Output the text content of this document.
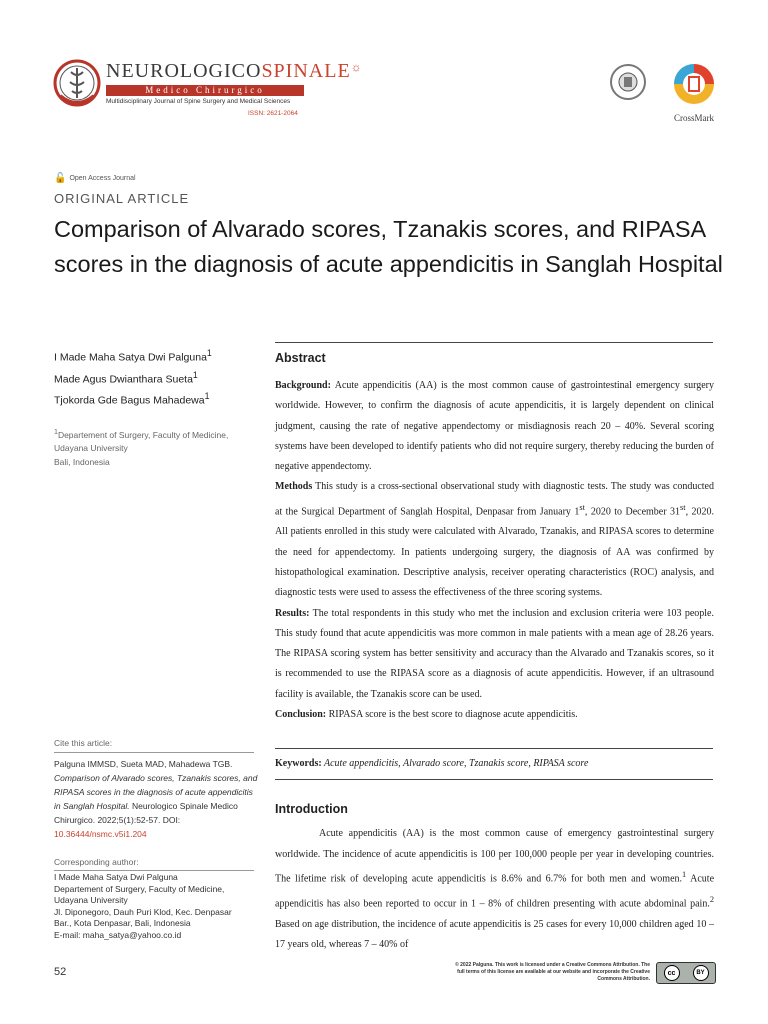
NEUROLOGICOSPINALE☼
Medico Chirurgico
Multidisciplinary Journal of Spine Surgery and Medical Sciences
ISSN: 2621-2064	CrossMark
🔓 Open Access Journal
ORIGINAL ARTICLE
Comparison of Alvarado scores, Tzanakis scores, and RIPASA scores in the diagnosis of acute appendicitis in Sanglah Hospital
I Made Maha Satya Dwi Palguna$^1$
Made Agus Dwianthara Sueta$^1$
Tjokorda Gde Bagus Mahadewa$^1$
$^1$Departement of Surgery, Faculty of Medicine,
Udayana University
Bali, Indonesia
Cite this article:
Palguna IMMSD, Sueta MAD, Mahadewa TGB. Comparison of Alvarado scores, Tzanakis scores, and RIPASA scores in the diagnosis of acute appendicitis in Sanglah Hospital. Neurologico Spinale Medico Chirurgico. 2022;5(1):52-57. DOI: 10.36444/nsmc.v5i1.204
Corresponding author:
I Made Maha Satya Dwi Palguna
Departement of Surgery, Faculty of Medicine,
Udayana University
Jl. Diponegoro, Dauh Puri Klod, Kec. Denpasar
Bar., Kota Denpasar, Bali, Indonesia
E-mail: maha_satya@yahoo.co.id
Abstract

Background: Acute appendicitis (AA) is the most common cause of gastrointestinal emergency surgery worldwide. However, to confirm the diagnosis of acute appendicitis, it is largely dependent on clinical judgment, causing the rate of negative appendectomy or misdiagnosis reach 20 – 40%. Several scoring systems have been developed to identify patients who did not require surgery, thereby reducing the burden of negative appendectomy.

Methods This study is a cross-sectional observational study with diagnostic tests. The study was conducted at the Surgical Department of Sanglah Hospital, Denpasar from January 1st, 2020 to December 31st, 2020. All patients enrolled in this study were calculated with Alvarado, Tzanakis, and RIPASA scores to determine the need for appendectomy. In patients undergoing surgery, the diagnosis of AA was confirmed by histopathological examination. Descriptive analysis, receiver operating characteristics (ROC) analysis, and diagnostic tests were used to assess the effectiveness of the three scoring systems.

Results: The total respondents in this study who met the inclusion and exclusion criteria were 103 people. This study found that acute appendicitis was more common in male patients with a mean age of 28.26 years. The RIPASA scoring system has better sensitivity and accuracy than the Alvarado and Tzanakis scores, so it is recommended to use the RIPASA score as a diagnosis of acute appendicitis. However, if an ultrasound facility is available, the Tzanakis score can be used.

Conclusion: RIPASA score is the best score to diagnose acute appendicitis.

Keywords: Acute appendicitis, Alvarado score, Tzanakis score, RIPASA score
Introduction
Acute appendicitis (AA) is the most common cause of emergency gastrointestinal surgery worldwide. The incidence of acute appendicitis is 100 per 100,000 people per year in developing countries. The lifetime risk of developing acute appendicitis is 8.6% and 6.7% for both men and women.$^1$ Acute appendicitis has also been reported to occur in 1 – 8% of children presenting with acute abdominal pain.$^2$ Based on age distribution, the incidence of acute appendicitis is 25 cases for every 10,000 children aged 10 – 17 years old, whereas 7 – 40% of
52
© 2022 Palguna. This work is licensed under a Creative Commons Attribution. The full terms of this license are available at our website and incorporate the Creative Commons Attribution.
cc	BY
